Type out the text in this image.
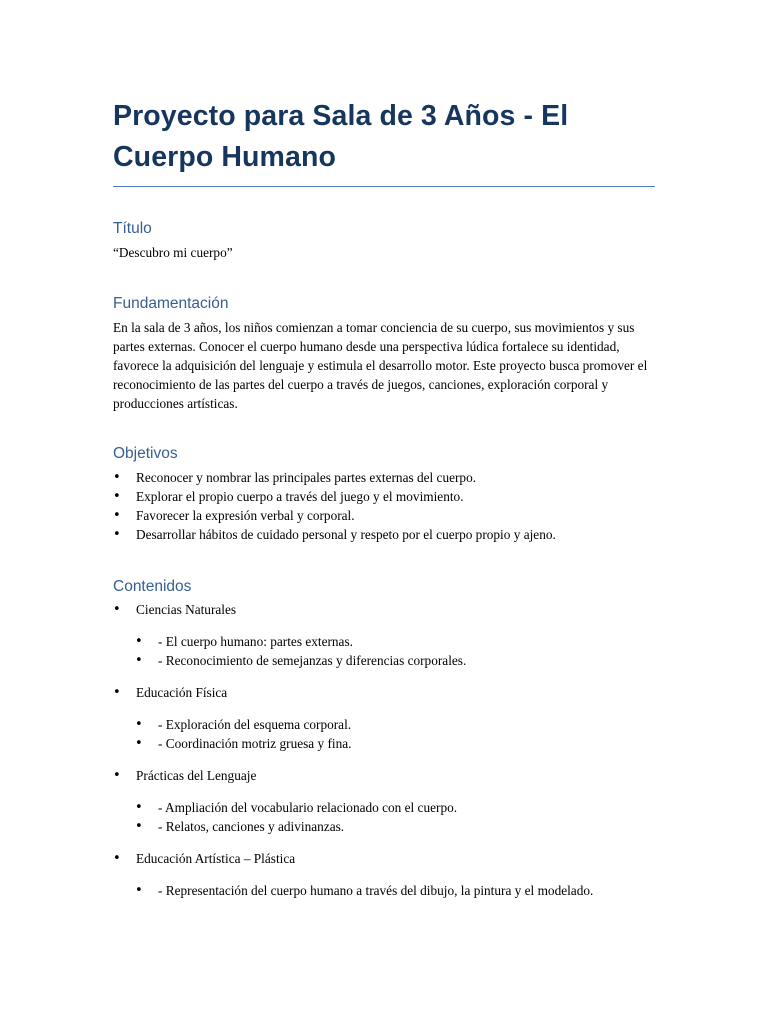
Proyecto para Sala de 3 Años - El Cuerpo Humano
Título

“Descubro mi cuerpo”

Fundamentación

En la sala de 3 años, los niños comienzan a tomar conciencia de su cuerpo, sus movimientos y sus partes externas. Conocer el cuerpo humano desde una perspectiva lúdica fortalece su identidad, favorece la adquisición del lenguaje y estimula el desarrollo motor. Este proyecto busca promover el reconocimiento de las partes del cuerpo a través de juegos, canciones, exploración corporal y producciones artísticas.

Objetivos
• Reconocer y nombrar las principales partes externas del cuerpo.
• Explorar el propio cuerpo a través del juego y el movimiento.
• Favorecer la expresión verbal y corporal.
• Desarrollar hábitos de cuidado personal y respeto por el cuerpo propio y ajeno.
Contenidos
• Ciencias Naturales
• - El cuerpo humano: partes externas.
• - Reconocimiento de semejanzas y diferencias corporales.
• Educación Física
• - Exploración del esquema corporal.
• - Coordinación motriz gruesa y fina.
• Prácticas del Lenguaje
• - Ampliación del vocabulario relacionado con el cuerpo.
• - Relatos, canciones y adivinanzas.
• Educación Artística – Plástica
• - Representación del cuerpo humano a través del dibujo, la pintura y el modelado.
